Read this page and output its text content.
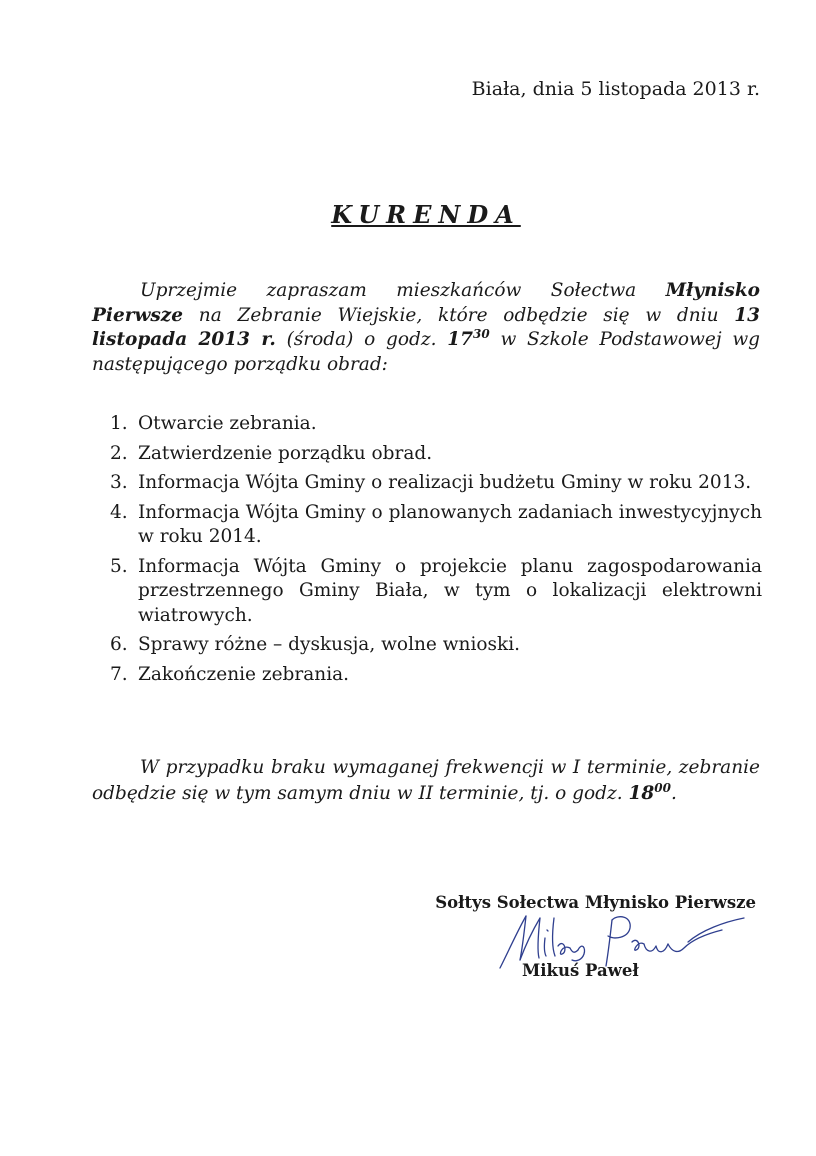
Biała, dnia 5 listopada 2013 r.
KURENDA

Uprzejmie zapraszam mieszkańców Sołectwa Młynisko Pierwsze na Zebranie Wiejskie, które odbędzie się w dniu 13 listopada 2013 r. (środa) o godz. $17^{30}$ w Szkole Podstawowej wg następującego porządku obrad:

1. Otwarcie zebrania.
2. Zatwierdzenie porządku obrad.
3. Informacja Wójta Gminy o realizacji budżetu Gminy w roku 2013.
4. Informacja Wójta Gminy o planowanych zadaniach inwestycyjnych w roku 2014.
5. Informacja Wójta Gminy o projekcie planu zagospodarowania przestrzennego Gminy Biała, w tym o lokalizacji elektrowni wiatrowych.
6. Sprawy różne – dyskusja, wolne wnioski.
7. Zakończenie zebrania.

W przypadku braku wymaganej frekwencji w I terminie, zebranie odbędzie się w tym samym dniu w II terminie, tj. o godz. $18^{00}$.

Sołtys Sołectwa Młynisko Pierwsze
Mikuś Paweł
